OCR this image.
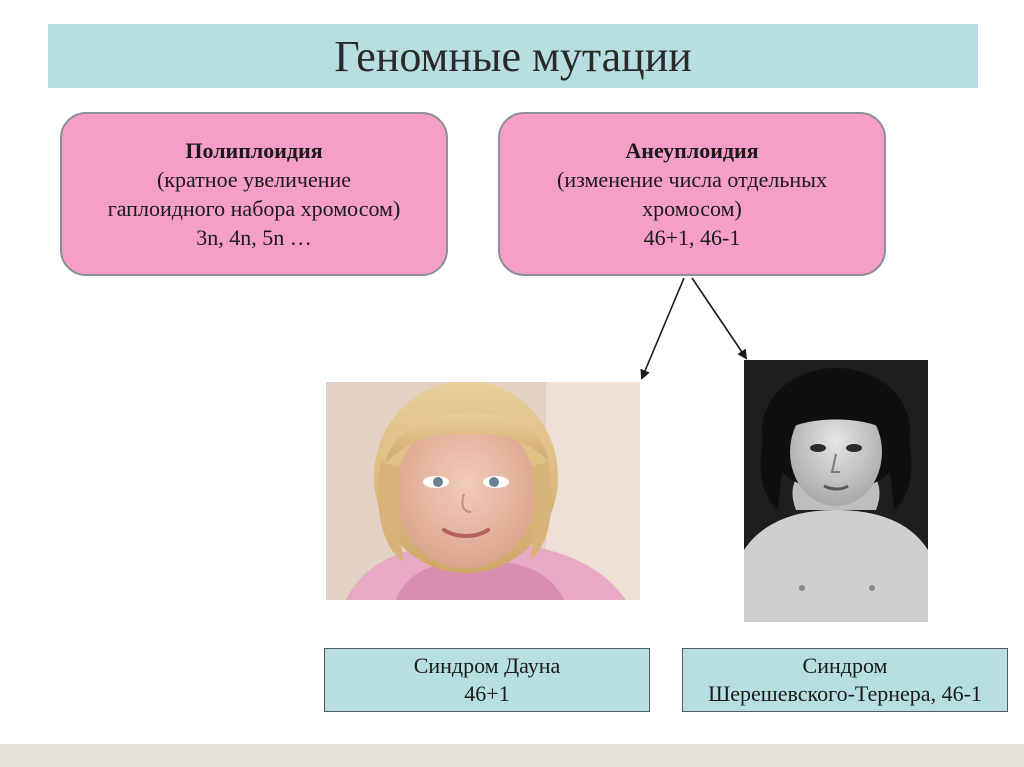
Геномные мутации
Полиплоидия
(кратное увеличение
гаплоидного набора хромосом)
3n, 4n, 5n …
Анеуплоидия
(изменение числа отдельных
хромосом)
46+1, 46-1
Синдром Дауна
46+1
Синдром
Шерешевского-Тернера, 46-1
